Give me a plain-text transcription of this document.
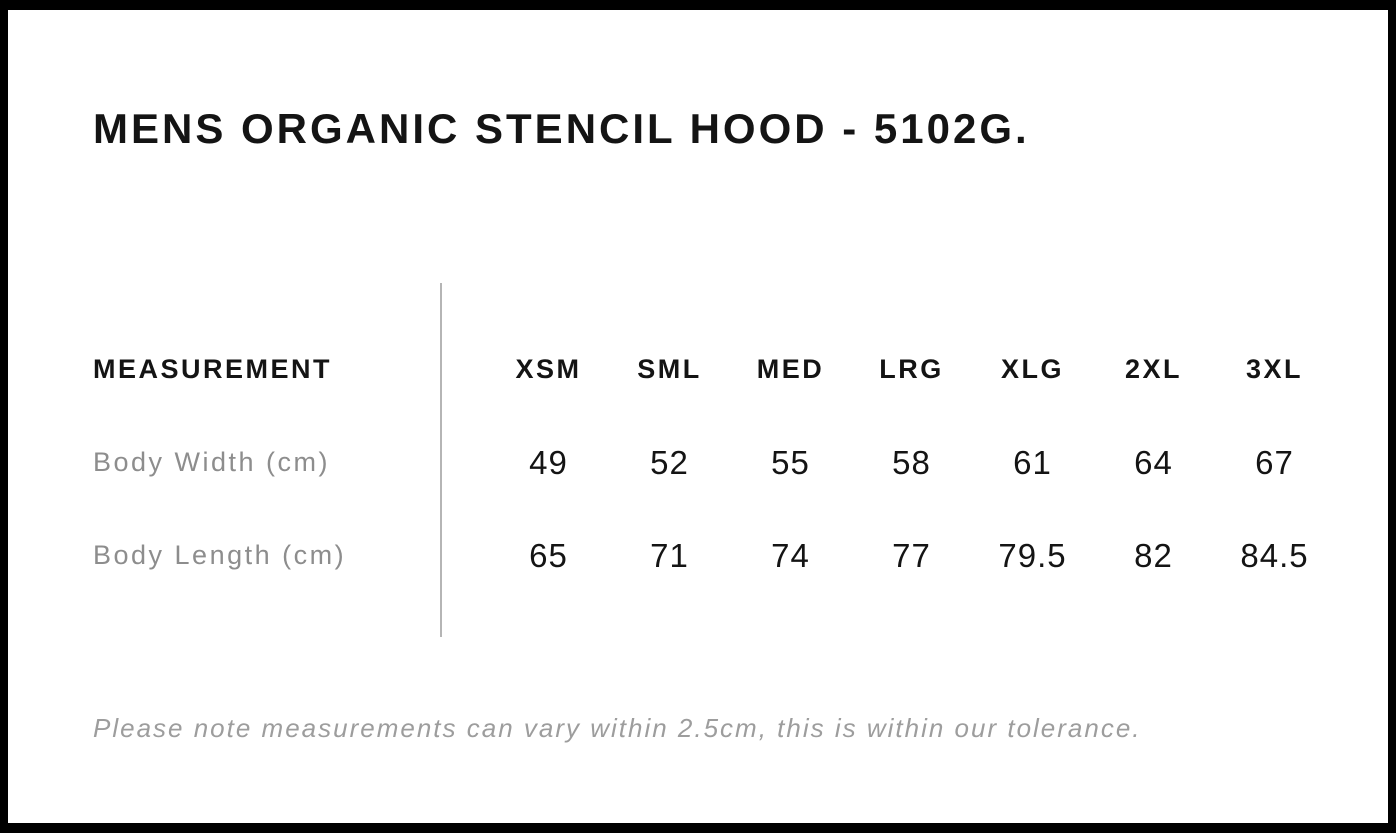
MENS ORGANIC STENCIL HOOD - 5102G.
MEASUREMENT	XSM	SML	MED	LRG	XLG	2XL	3XL
Body Width (cm)	49	52	55	58	61	64	67
Body Length (cm)	65	71	74	77	79.5	82	84.5

Please note measurements can vary within 2.5cm, this is within our tolerance.
